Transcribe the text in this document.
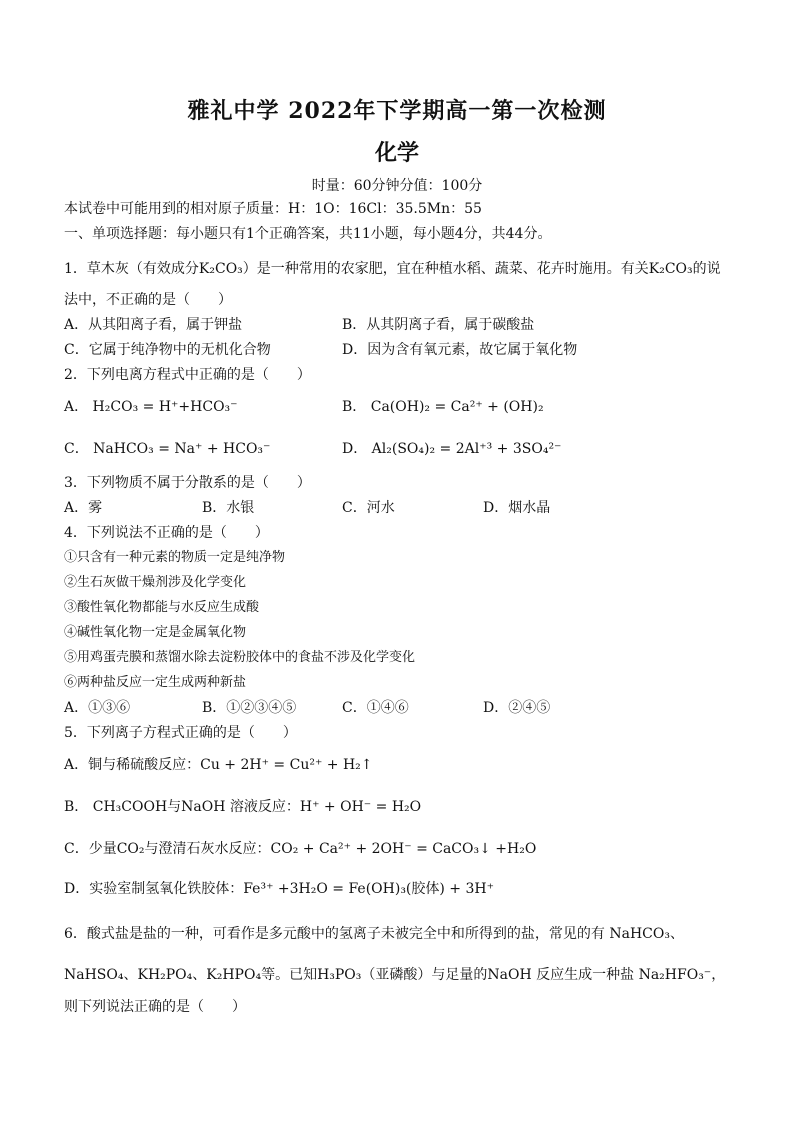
雅礼中学 2022年下学期高一第一次检测
化学
时量：60分钟分值：100分
本试卷中可能用到的相对原子质量：H：1O：16Cl：35.5Mn：55
一、单项选择题：每小题只有1个正确答案，共11小题，每小题4分，共44分。
1．草木灰（有效成分K₂CO₃）是一种常用的农家肥，宜在种植水稻、蔬菜、花卉时施用。有关K₂CO₃的说
法中，不正确的是（　　）
A．从其阳离子看，属于钾盐	B．从其阴离子看，属于碳酸盐
C．它属于纯净物中的无机化合物	D．因为含有氧元素，故它属于氧化物
2．下列电离方程式中正确的是（　　）
A． H₂CO₃ = H⁺+HCO₃⁻	B． Ca(OH)₂ = Ca²⁺ + (OH)₂
C． NaHCO₃ = Na⁺ + HCO₃⁻	D． Al₂(SO₄)₂ = 2Al⁺³ + 3SO₄²⁻
3．下列物质不属于分散系的是（　　）
A．雾	B．水银	C．河水	D．烟水晶
4．下列说法不正确的是（　　）
①只含有一种元素的物质一定是纯净物
②生石灰做干燥剂涉及化学变化
③酸性氧化物都能与水反应生成酸
④碱性氧化物一定是金属氧化物
⑤用鸡蛋壳膜和蒸馏水除去淀粉胶体中的食盐不涉及化学变化
⑥两种盐反应一定生成两种新盐
A．①③⑥	B．①②③④⑤	C．①④⑥	D．②④⑤
5．下列离子方程式正确的是（　　）
A．铜与稀硫酸反应：Cu + 2H⁺ = Cu²⁺ + H₂↑
B． CH₃COOH与NaOH 溶液反应：H⁺ + OH⁻ = H₂O
C．少量CO₂与澄清石灰水反应：CO₂ + Ca²⁺ + 2OH⁻ = CaCO₃↓ +H₂O
D．实验室制氢氧化铁胶体：Fe³⁺ +3H₂O = Fe(OH)₃(胶体) + 3H⁺
6．酸式盐是盐的一种，可看作是多元酸中的氢离子未被完全中和所得到的盐，常见的有 NaHCO₃、
NaHSO₄、KH₂PO₄、K₂HPO₄等。已知H₃PO₃（亚磷酸）与足量的NaOH 反应生成一种盐 Na₂HFO₃⁻，
则下列说法正确的是（　　）
